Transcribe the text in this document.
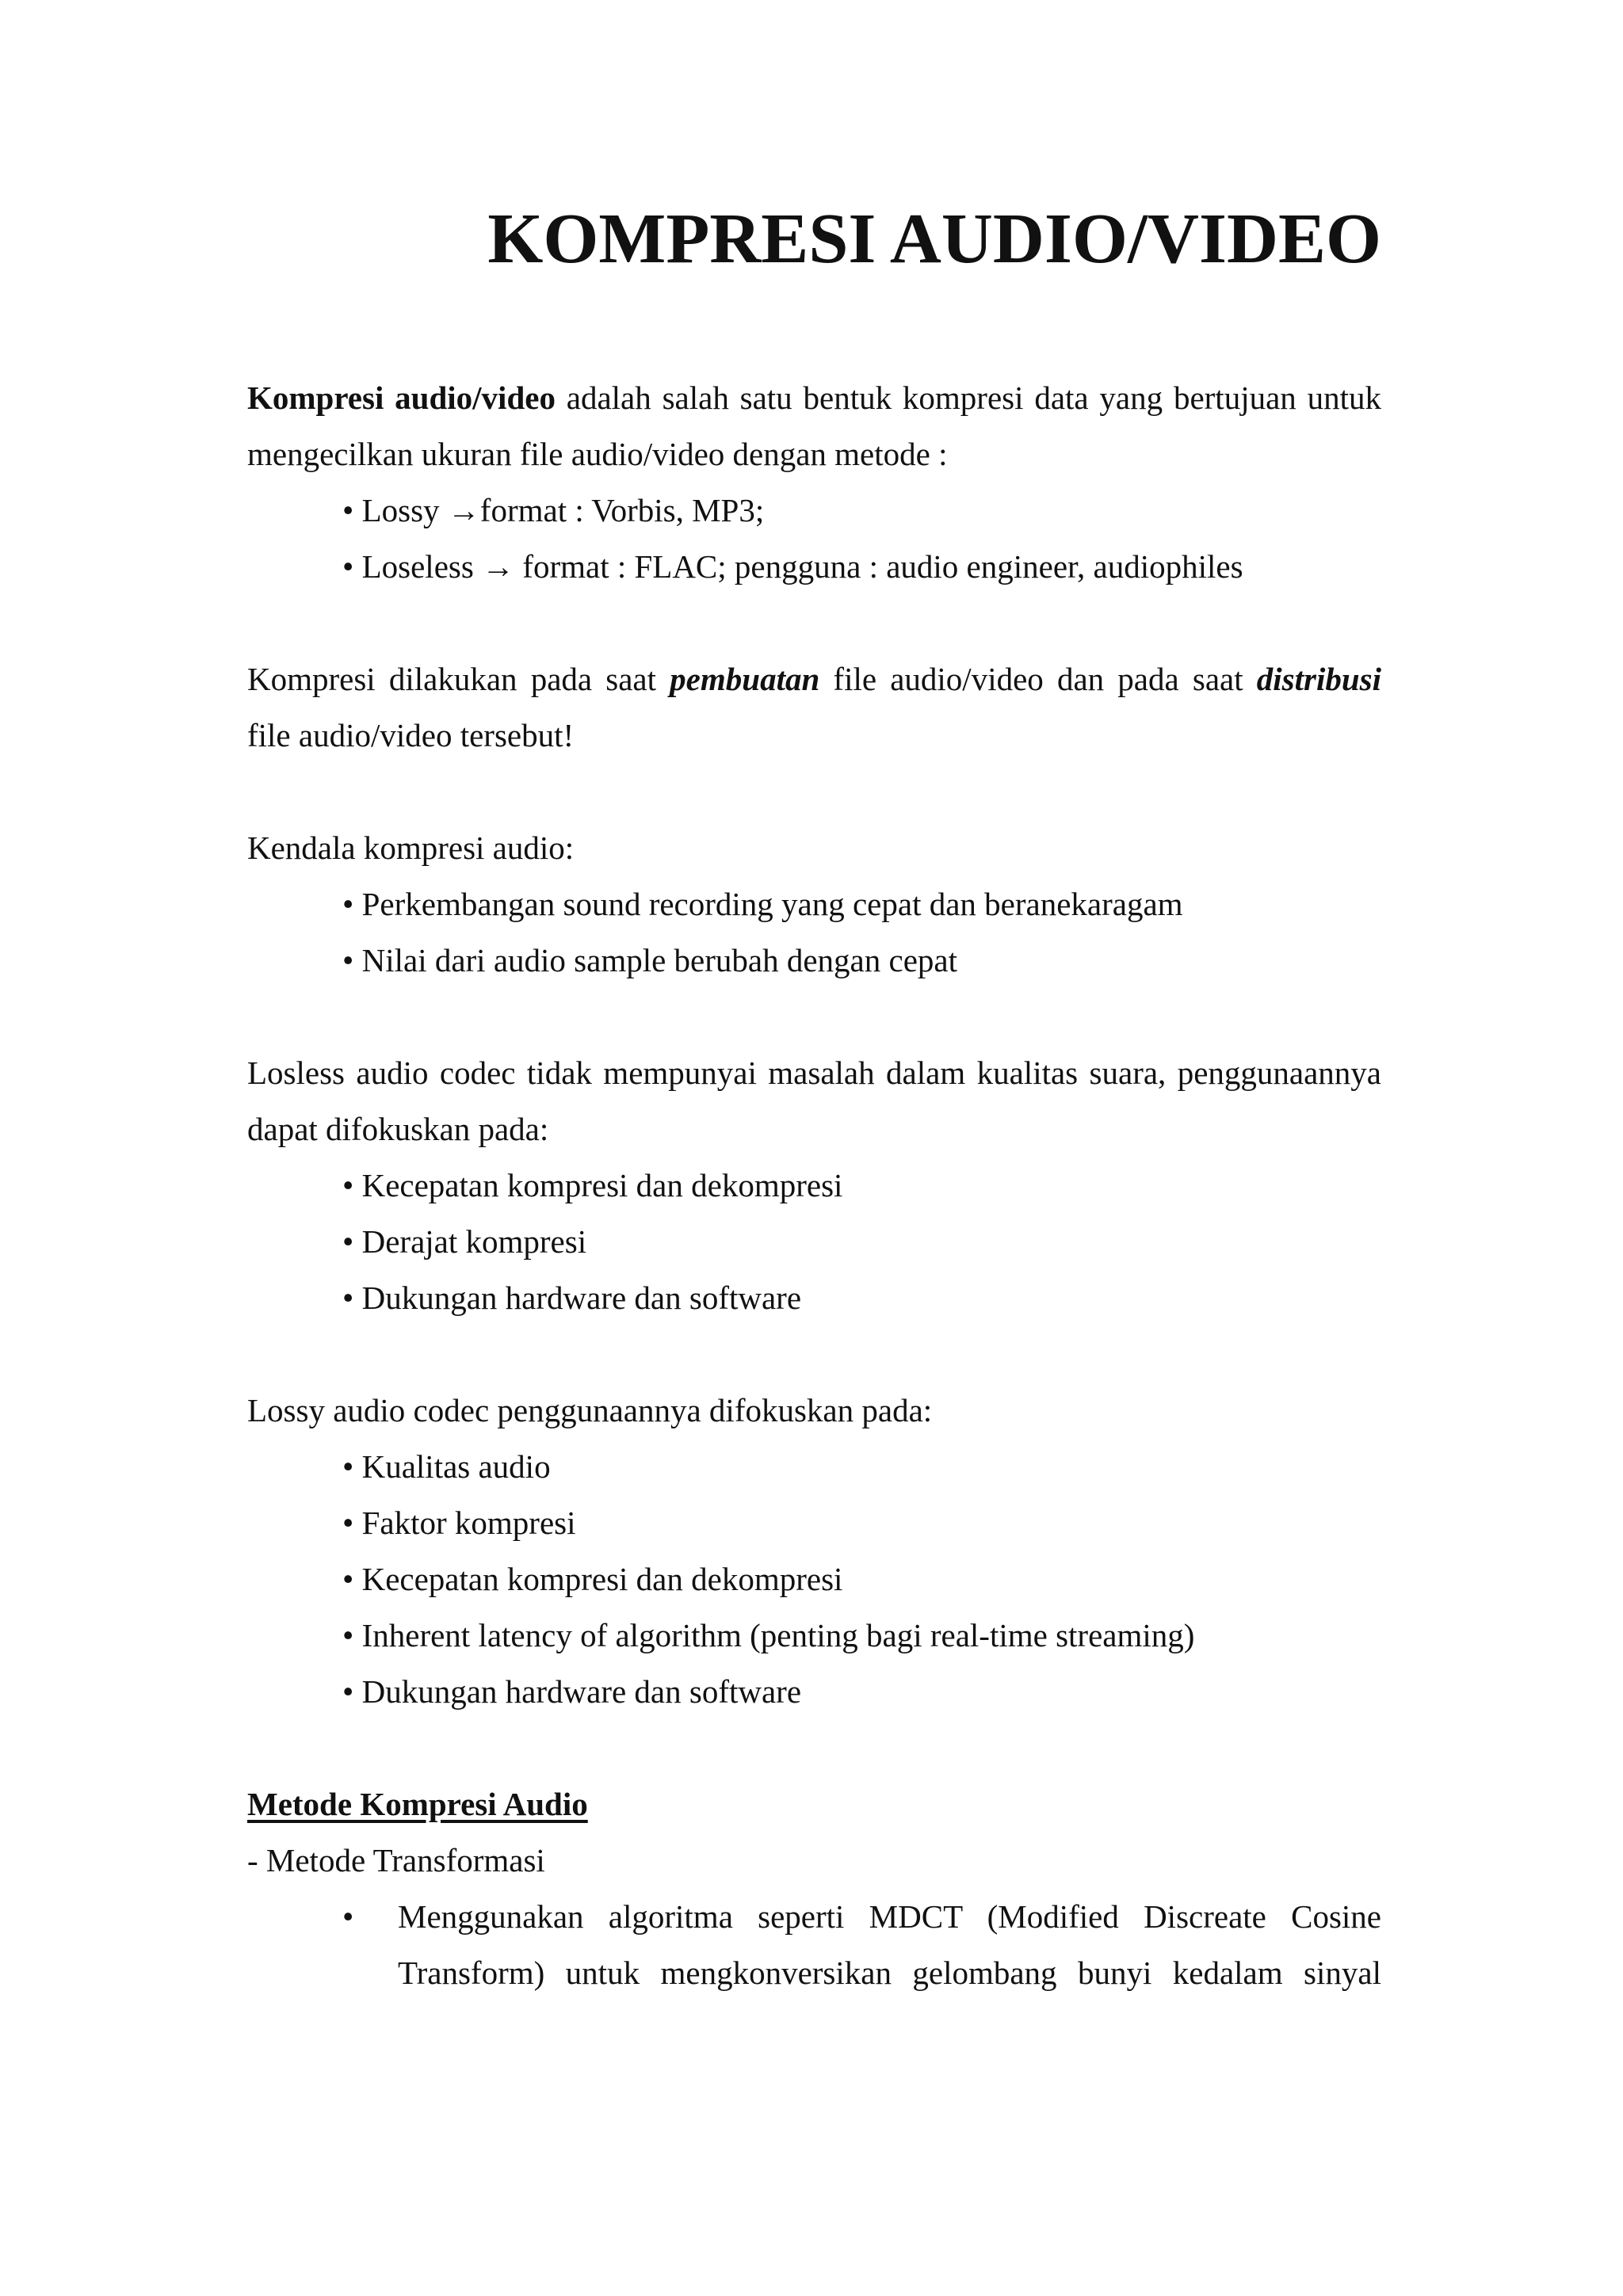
KOMPRESI AUDIO/VIDEO

Kompresi audio/video adalah salah satu bentuk kompresi data yang bertujuan untuk

mengecilkan ukuran file audio/video dengan metode :

• Lossy →format : Vorbis, MP3;
• Loseless → format : FLAC; pengguna : audio engineer, audiophiles

Kompresi dilakukan pada saat pembuatan file audio/video dan pada saat distribusi

file audio/video tersebut!

Kendala kompresi audio:

• Perkembangan sound recording yang cepat dan beranekaragam
• Nilai dari audio sample berubah dengan cepat

Losless audio codec tidak mempunyai masalah dalam kualitas suara, penggunaannya

dapat difokuskan pada:

• Kecepatan kompresi dan dekompresi
• Derajat kompresi
• Dukungan hardware dan software

Lossy audio codec penggunaannya difokuskan pada:

• Kualitas audio
• Faktor kompresi
• Kecepatan kompresi dan dekompresi
• Inherent latency of algorithm (penting bagi real-time streaming)
• Dukungan hardware dan software

Metode Kompresi Audio

- Metode Transformasi

• Menggunakan algoritma seperti MDCT (Modified Discreate Cosine

Transform) untuk mengkonversikan gelombang bunyi kedalam sinyal
